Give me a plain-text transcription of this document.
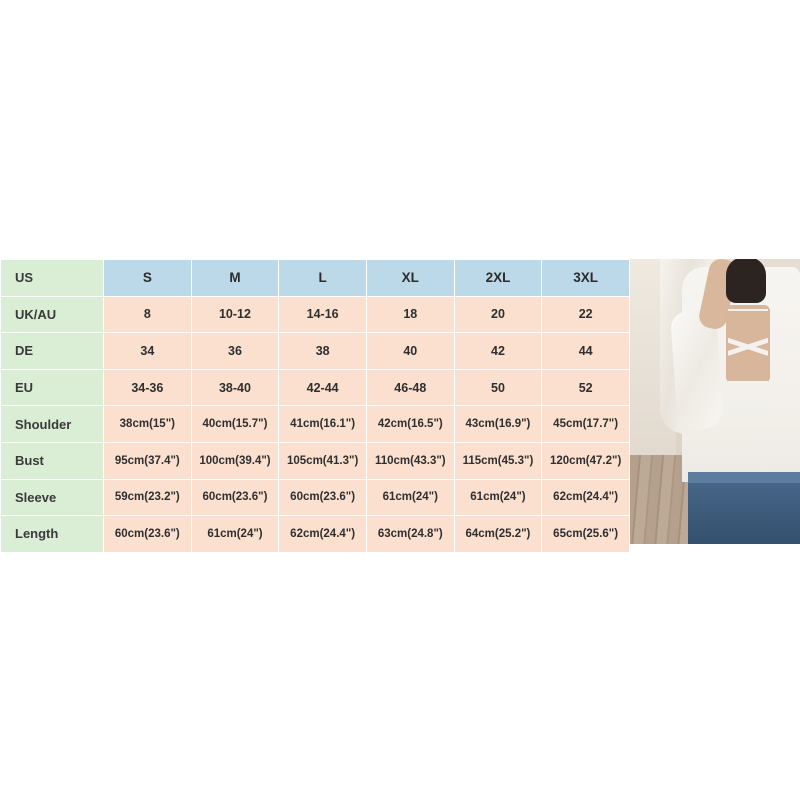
US	S	M	L	XL	2XL	3XL
UK/AU	8	10-12	14-16	18	20	22
DE	34	36	38	40	42	44
EU	34-36	38-40	42-44	46-48	50	52
Shoulder	38cm(15")	40cm(15.7")	41cm(16.1")	42cm(16.5")	43cm(16.9")	45cm(17.7")
Bust	95cm(37.4")	100cm(39.4")	105cm(41.3")	110cm(43.3")	115cm(45.3")	120cm(47.2")
Sleeve	59cm(23.2")	60cm(23.6")	60cm(23.6")	61cm(24")	61cm(24")	62cm(24.4")
Length	60cm(23.6")	61cm(24")	62cm(24.4")	63cm(24.8")	64cm(25.2")	65cm(25.6")
